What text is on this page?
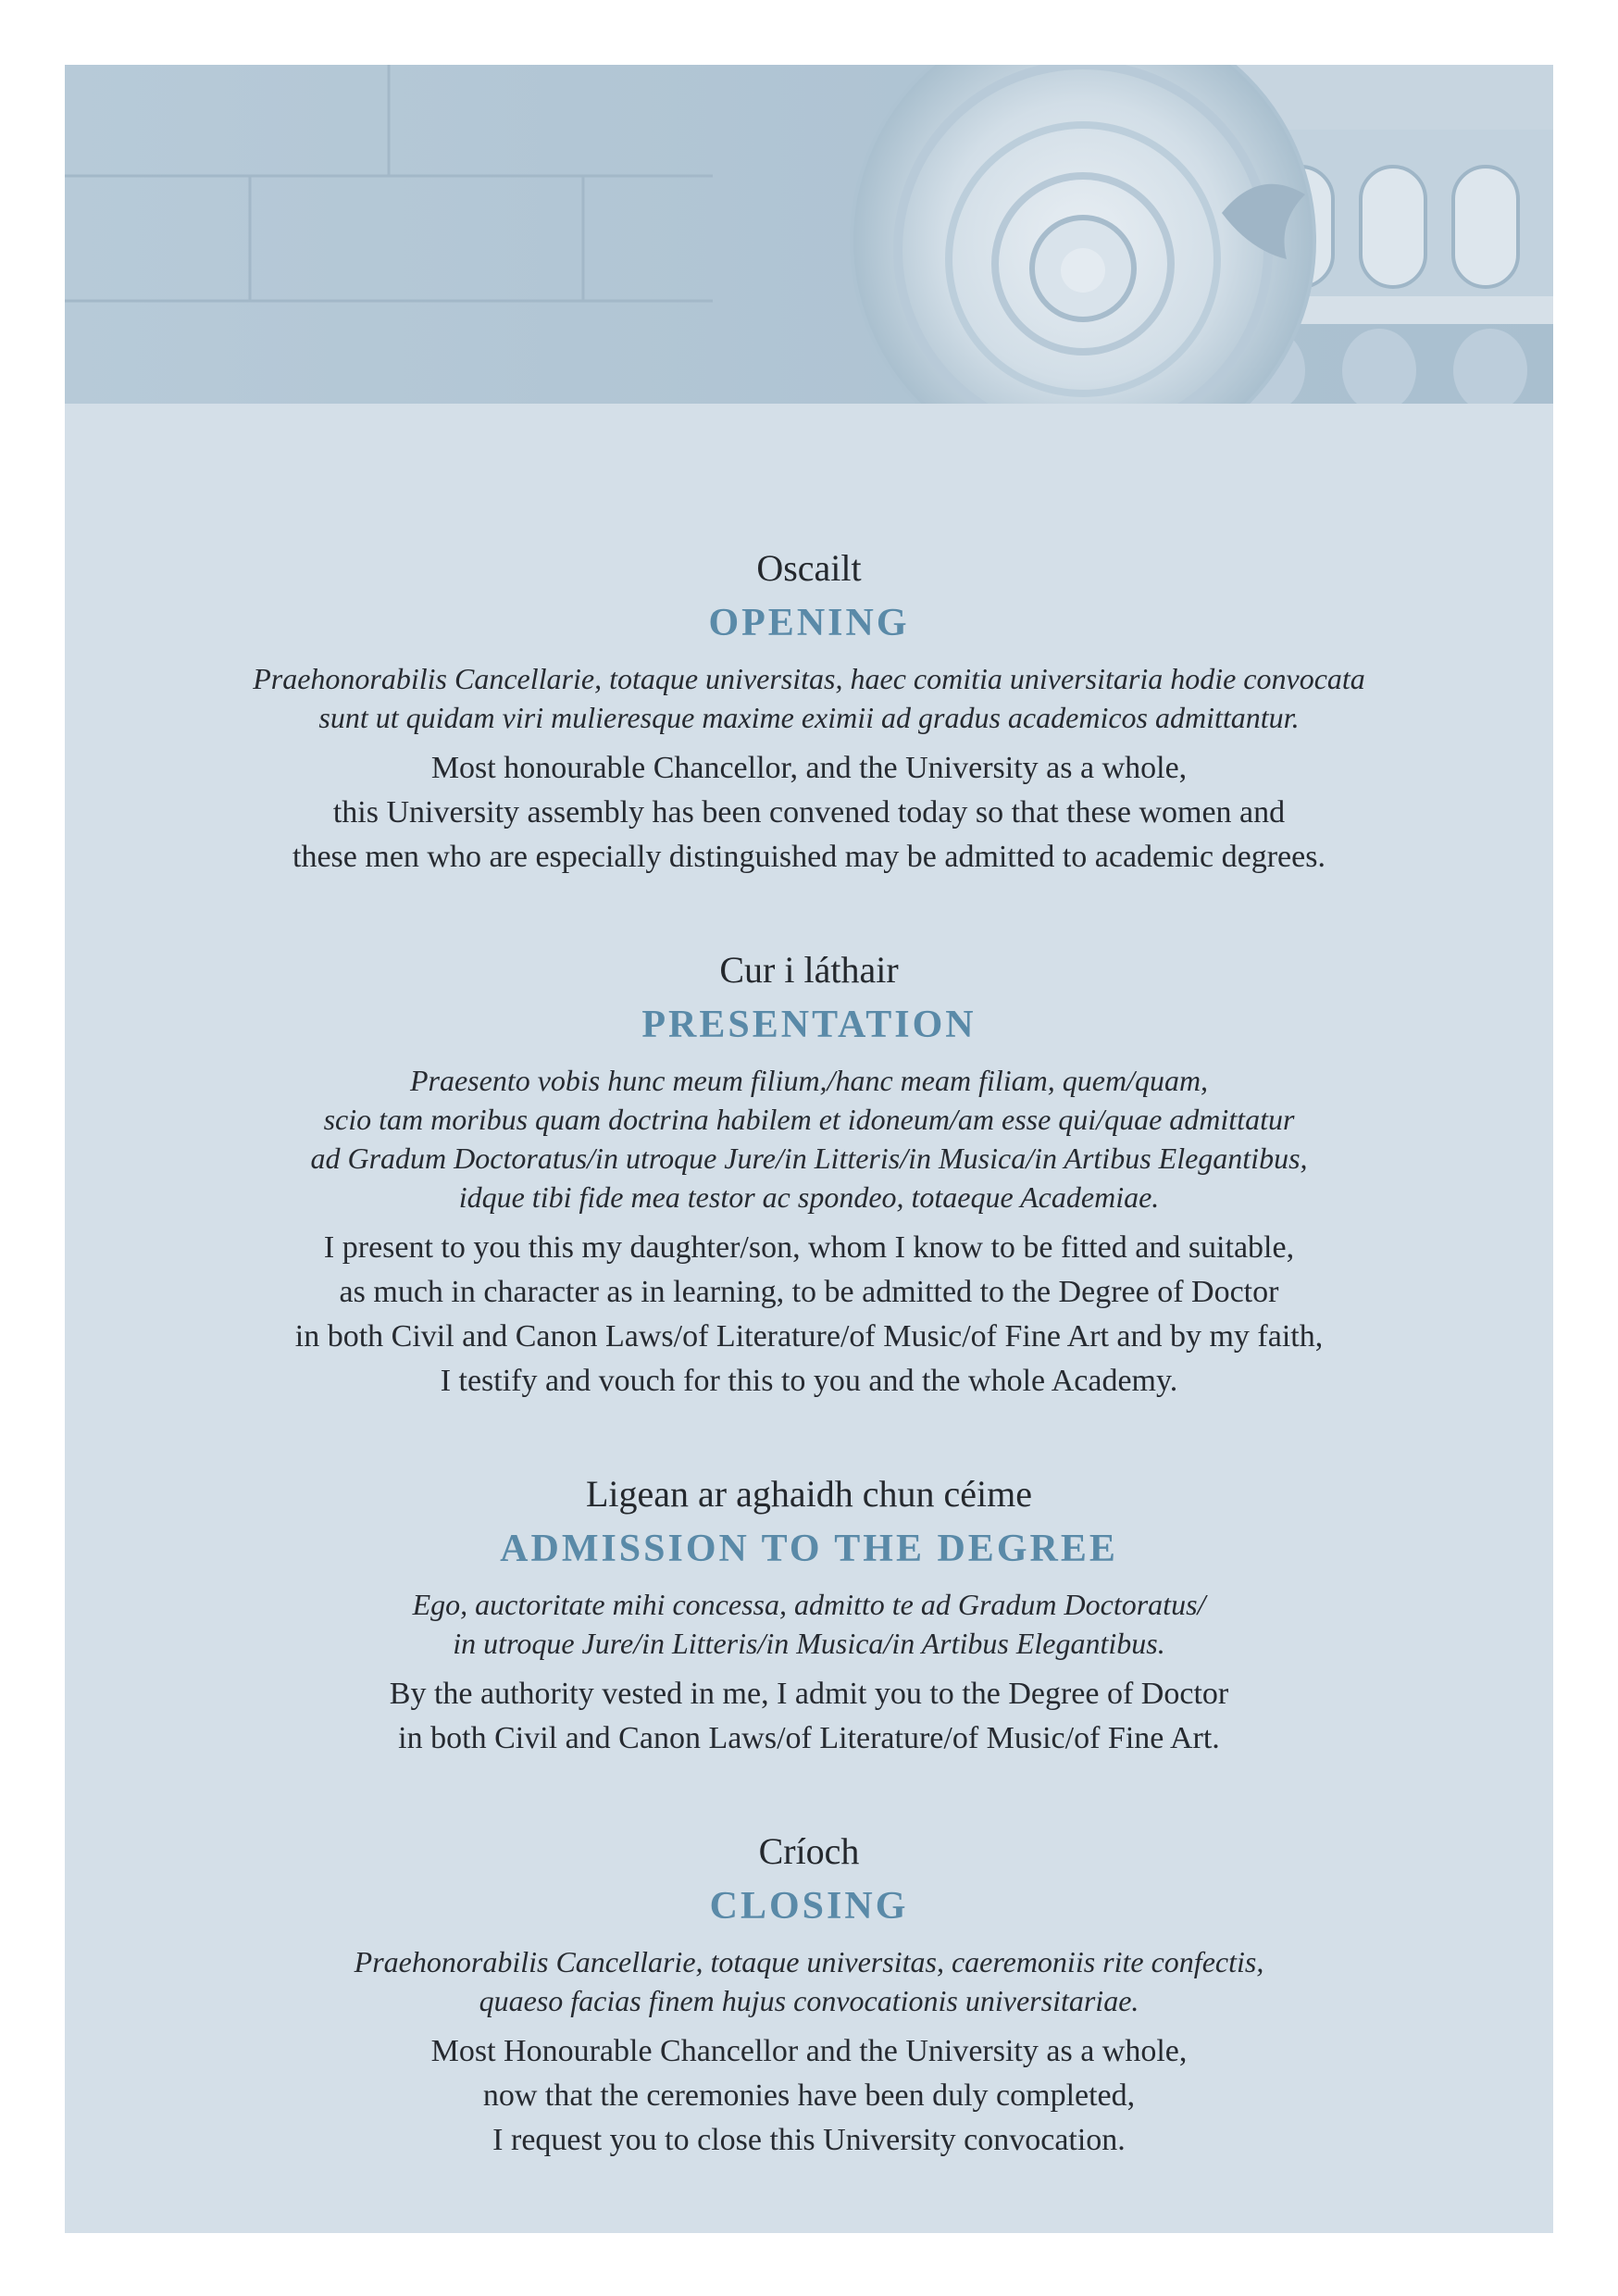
Oscailt
OPENING
Praehonorabilis Cancellarie, totaque universitas, haec comitia universitaria hodie convocata
sunt ut quidam viri mulieresque maxime eximii ad gradus academicos admittantur.
Most honourable Chancellor, and the University as a whole,
this University assembly has been convened today so that these women and
these men who are especially distinguished may be admitted to academic degrees.
Cur i láthair
PRESENTATION
Praesento vobis hunc meum filium,/hanc meam filiam, quem/quam,
scio tam moribus quam doctrina habilem et idoneum/am esse qui/quae admittatur
ad Gradum Doctoratus/in utroque Jure/in Litteris/in Musica/in Artibus Elegantibus,
idque tibi fide mea testor ac spondeo, totaeque Academiae.
I present to you this my daughter/son, whom I know to be fitted and suitable,
as much in character as in learning, to be admitted to the Degree of Doctor
in both Civil and Canon Laws/of Literature/of Music/of Fine Art and by my faith,
I testify and vouch for this to you and the whole Academy.
Ligean ar aghaidh chun céime
ADMISSION TO THE DEGREE
Ego, auctoritate mihi concessa, admitto te ad Gradum Doctoratus/
in utroque Jure/in Litteris/in Musica/in Artibus Elegantibus.
By the authority vested in me, I admit you to the Degree of Doctor
in both Civil and Canon Laws/of Literature/of Music/of Fine Art.
Críoch
CLOSING
Praehonorabilis Cancellarie, totaque universitas, caeremoniis rite confectis,
quaeso facias finem hujus convocationis universitariae.
Most Honourable Chancellor and the University as a whole,
now that the ceremonies have been duly completed,
I request you to close this University convocation.
